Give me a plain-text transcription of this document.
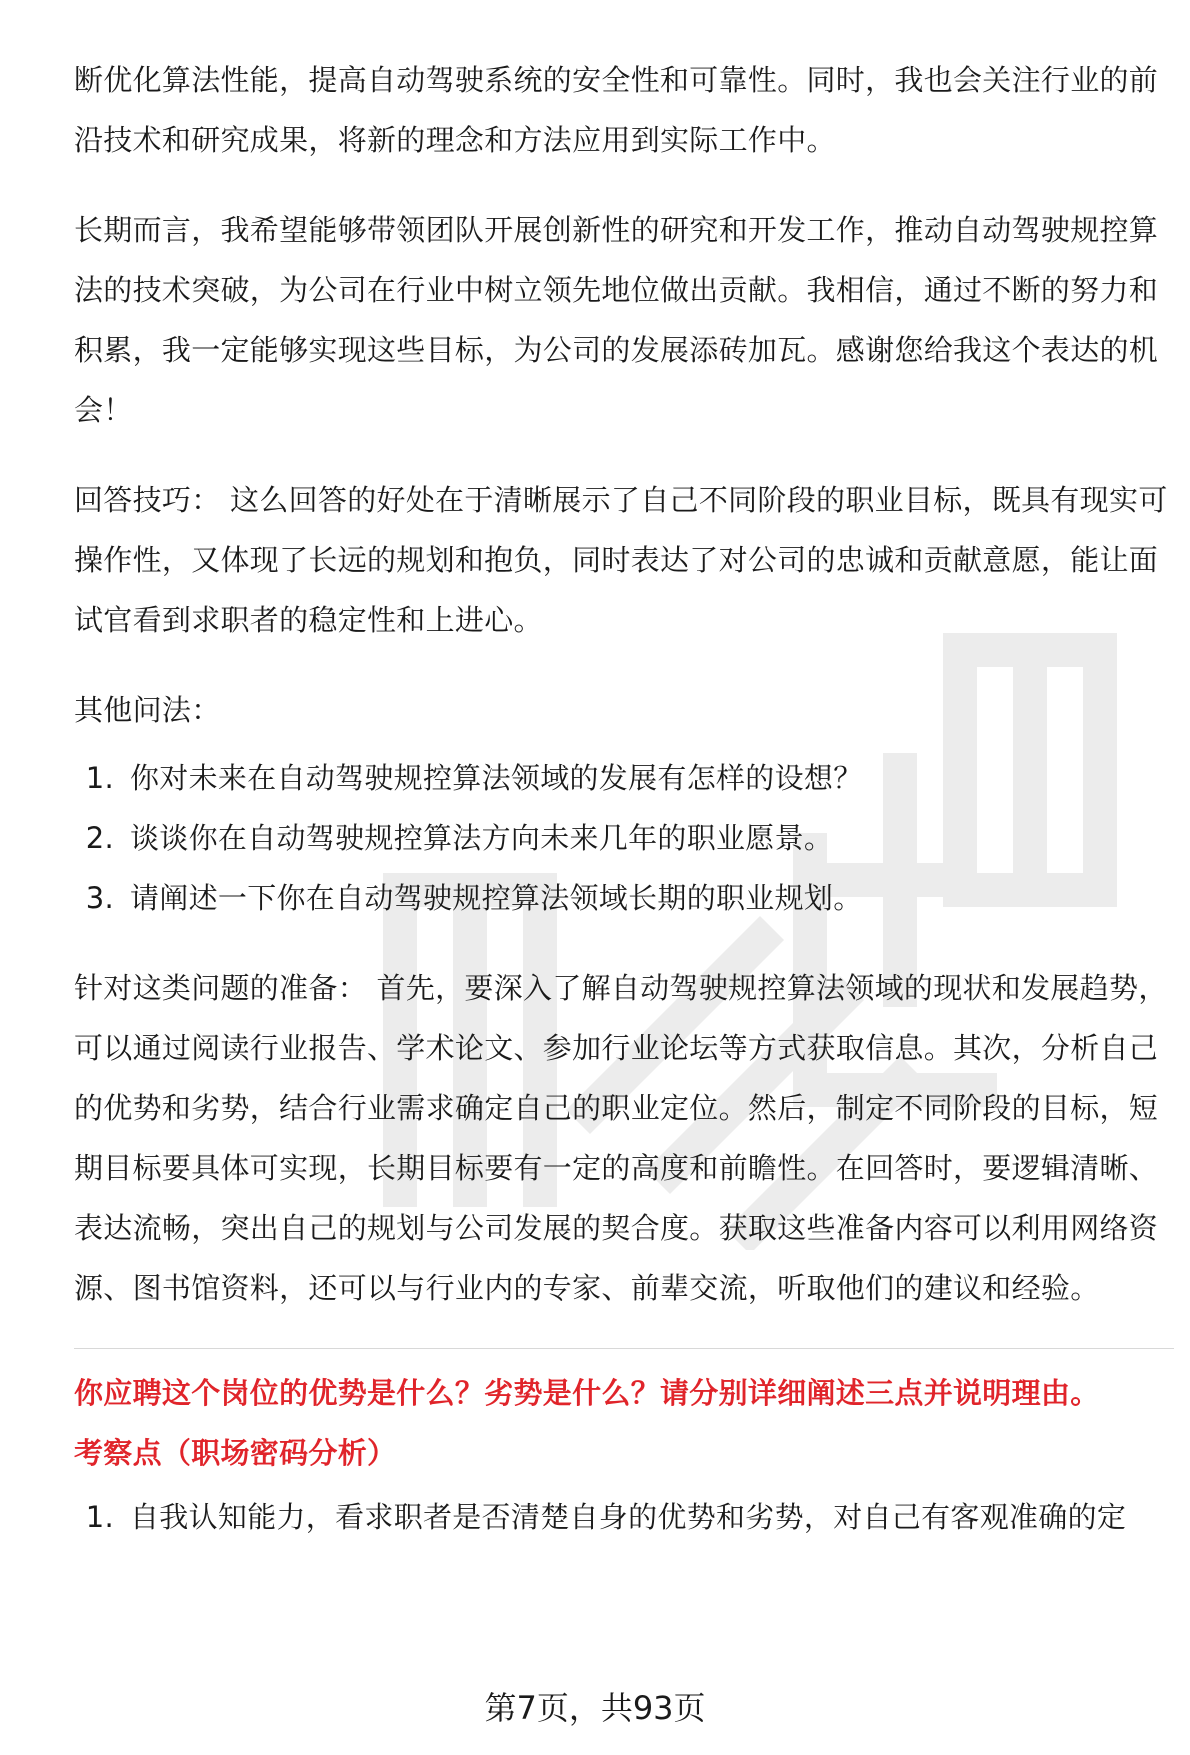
断优化算法性能，提高自动驾驶系统的安全性和可靠性。同时，我也会关注行业的前沿技术和研究成果，将新的理念和方法应用到实际工作中。

长期而言，我希望能够带领团队开展创新性的研究和开发工作，推动自动驾驶规控算法的技术突破，为公司在行业中树立领先地位做出贡献。我相信，通过不断的努力和积累，我一定能够实现这些目标，为公司的发展添砖加瓦。感谢您给我这个表达的机会！

回答技巧： 这么回答的好处在于清晰展示了自己不同阶段的职业目标，既具有现实可操作性，又体现了长远的规划和抱负，同时表达了对公司的忠诚和贡献意愿，能让面试官看到求职者的稳定性和上进心。

其他问法：

1. 你对未来在自动驾驶规控算法领域的发展有怎样的设想？
2. 谈谈你在自动驾驶规控算法方向未来几年的职业愿景。
3. 请阐述一下你在自动驾驶规控算法领域长期的职业规划。

针对这类问题的准备： 首先，要深入了解自动驾驶规控算法领域的现状和发展趋势，可以通过阅读行业报告、学术论文、参加行业论坛等方式获取信息。其次，分析自己的优势和劣势，结合行业需求确定自己的职业定位。然后，制定不同阶段的目标，短期目标要具体可实现，长期目标要有一定的高度和前瞻性。在回答时，要逻辑清晰、表达流畅，突出自己的规划与公司发展的契合度。获取这些准备内容可以利用网络资源、图书馆资料，还可以与行业内的专家、前辈交流，听取他们的建议和经验。

你应聘这个岗位的优势是什么？劣势是什么？请分别详细阐述三点并说明理由。

考察点（职场密码分析）

1. 自我认知能力，看求职者是否清楚自身的优势和劣势，对自己有客观准确的定
第7页，共93页
